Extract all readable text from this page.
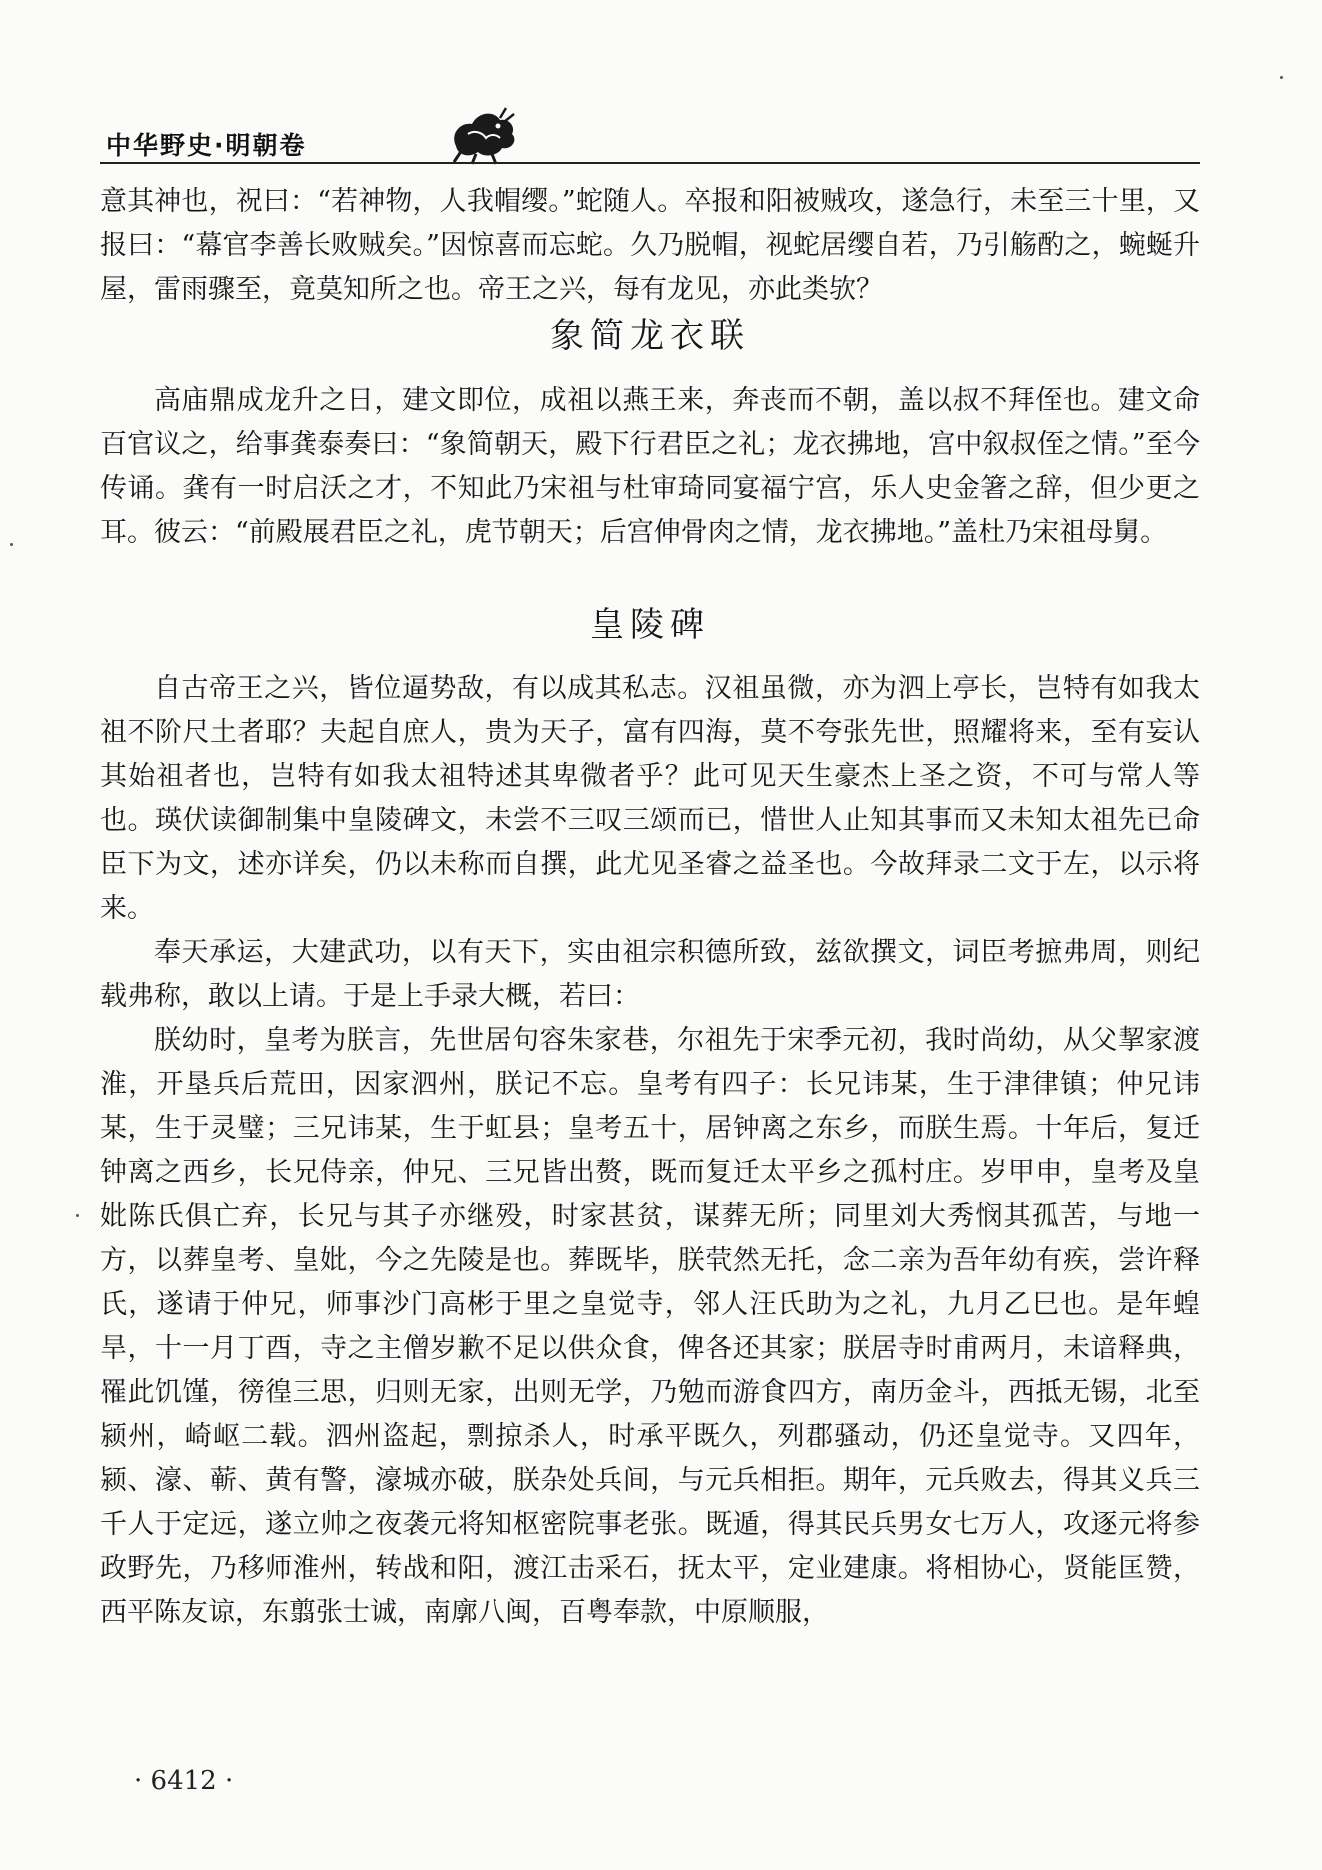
中华野史·明朝卷

意其神也，祝曰：“若神物，人我帽缨。”蛇随人。卒报和阳被贼攻，遂急行，未至三十里，又报曰：“幕官李善长败贼矣。”因惊喜而忘蛇。久乃脱帽，视蛇居缨自若，乃引觞酌之，蜿蜒升屋，雷雨骤至，竟莫知所之也。帝王之兴，每有龙见，亦此类欤？

象简龙衣联

高庙鼎成龙升之日，建文即位，成祖以燕王来，奔丧而不朝，盖以叔不拜侄也。建文命百官议之，给事龚泰奏曰：“象简朝天，殿下行君臣之礼；龙衣拂地，宫中叙叔侄之情。”至今传诵。龚有一时启沃之才，不知此乃宋祖与杜审琦同宴福宁宫，乐人史金箸之辞，但少更之耳。彼云：“前殿展君臣之礼，虎节朝天；后宫伸骨肉之情，龙衣拂地。”盖杜乃宋祖母舅。

皇陵碑

自古帝王之兴，皆位逼势敌，有以成其私志。汉祖虽微，亦为泗上亭长，岂特有如我太祖不阶尺土者耶？夫起自庶人，贵为天子，富有四海，莫不夸张先世，照耀将来，至有妄认其始祖者也，岂特有如我太祖特述其卑微者乎？此可见天生豪杰上圣之资，不可与常人等也。瑛伏读御制集中皇陵碑文，未尝不三叹三颂而已，惜世人止知其事而又未知太祖先已命臣下为文，述亦详矣，仍以未称而自撰，此尤见圣睿之益圣也。今故拜录二文于左，以示将来。

奉天承运，大建武功，以有天下，实由祖宗积德所致，兹欲撰文，词臣考摭弗周，则纪载弗称，敢以上请。于是上手录大概，若曰：

朕幼时，皇考为朕言，先世居句容朱家巷，尔祖先于宋季元初，我时尚幼，从父挈家渡淮，开垦兵后荒田，因家泗州，朕记不忘。皇考有四子：长兄讳某，生于津律镇；仲兄讳某，生于灵璧；三兄讳某，生于虹县；皇考五十，居钟离之东乡，而朕生焉。十年后，复迁钟离之西乡，长兄侍亲，仲兄、三兄皆出赘，既而复迁太平乡之孤村庄。岁甲申，皇考及皇妣陈氏俱亡弃，长兄与其子亦继殁，时家甚贫，谋葬无所；同里刘大秀悯其孤苦，与地一方，以葬皇考、皇妣，今之先陵是也。葬既毕，朕茕然无托，念二亲为吾年幼有疾，尝许释氏，遂请于仲兄，师事沙门高彬于里之皇觉寺，邻人汪氏助为之礼，九月乙巳也。是年蝗旱，十一月丁酉，寺之主僧岁歉不足以供众食，俾各还其家；朕居寺时甫两月，未谙释典，罹此饥馑，徬徨三思，归则无家，出则无学，乃勉而游食四方，南历金斗，西抵无锡，北至颍州，崎岖二载。泗州盗起，剽掠杀人，时承平既久，列郡骚动，仍还皇觉寺。又四年，颍、濠、蕲、黄有警，濠城亦破，朕杂处兵间，与元兵相拒。期年，元兵败去，得其义兵三千人于定远，遂立帅之夜袭元将知枢密院事老张。既遁，得其民兵男女七万人，攻逐元将参政野先，乃移师淮州，转战和阳，渡江击采石，抚太平，定业建康。将相协心，贤能匡赞，西平陈友谅，东翦张士诚，南廓八闽，百粤奉款，中原顺服，

· 6412 ·
